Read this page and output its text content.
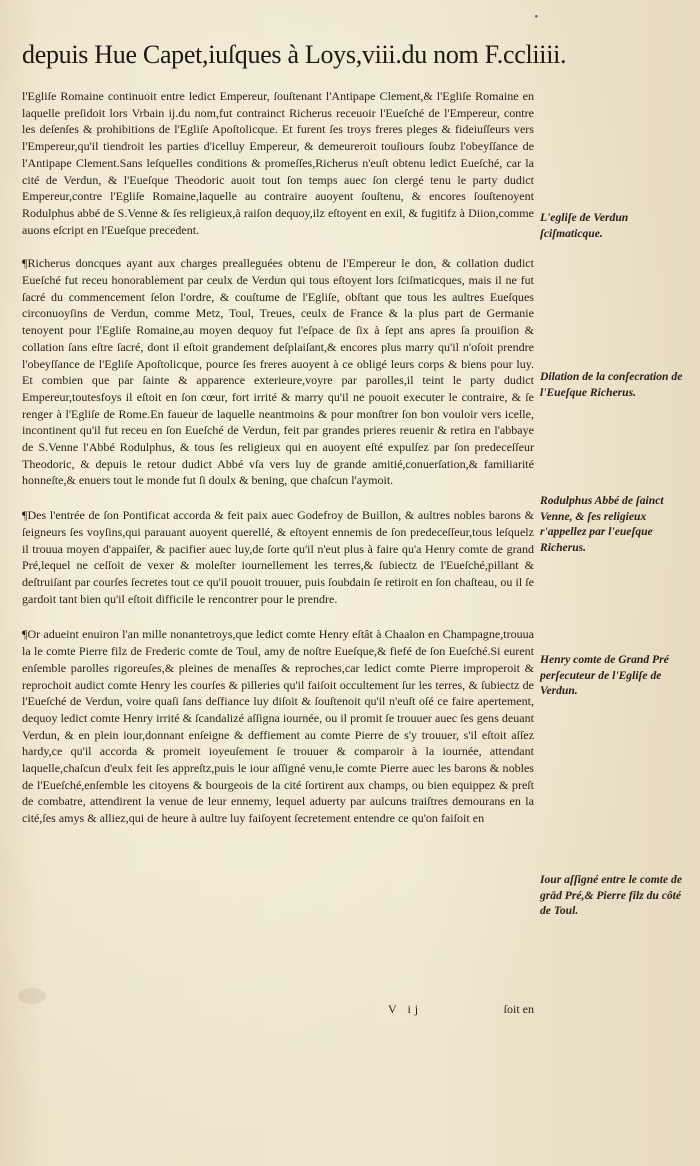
•
depuis Hue Capet,iuſques à Loys,viii.du nom F.ccliiii.

l'Egliſe Romaine continuoit entre ledict Empereur, ſouſtenant l'Antipape Clement,& l'Egliſe Romaine en laquelle preſidoit lors Vrbain ij.du nom,fut contrainct Richerus receuoir l'Eueſché de l'Empereur, contre les deſenſes & prohibitions de l'Egliſe Apoſtolicque. Et furent ſes troys freres pleges & fideiuſſeurs vers l'Empereur,qu'il tiendroit les parties d'icelluy Empereur, & demeureroit touſiours ſoubz l'obeyſſance de l'Antipape Clement.Sans leſquelles conditions & promeſſes,Richerus n'euſt obtenu ledict Eueſché, car la cité de Verdun, & l'Eueſque Theodoric auoit tout ſon temps auec ſon clergé tenu le party dudict Empereur,contre l'Egliſe Romaine,laquelle au contraire auoyent ſouſtenu, & encores ſouſtenoyent Rodulphus abbé de S.Venne & ſes religieux,à raiſon dequoy,ilz eſtoyent en exil, & fugitifz à Diion,comme auons eſcript en l'Eueſque precedent.

¶Richerus doncques ayant aux charges prealleguées obtenu de l'Empereur le don, & collation dudict Eueſché fut receu honorablement par ceulx de Verdun qui tous eſtoyent lors ſciſmaticques, mais il ne fut ſacré du commencement ſelon l'ordre, & couſtume de l'Egliſe, obſtant que tous les aultres Eueſques circonuoyſins de Verdun, comme Metz, Toul, Treues, ceulx de France & la plus part de Germanie tenoyent pour l'Egliſe Romaine,au moyen dequoy fut l'eſpace de ſix à ſept ans apres ſa prouiſion & collation ſans eſtre ſacré, dont il eſtoit grandement deſplaiſant,& encores plus marry qu'il n'oſoit prendre l'obeyſſance de l'Egliſe Apoſtolicque, pource ſes freres auoyent à ce obligé leurs corps & biens pour luy. Et combien que par ſainte & apparence exterieure,voyre par parolles,il teint le party dudict Empereur,toutesfoys il eſtoit en ſon cœur, fort irrité & marry qu'il ne pouoit executer le contraire, & ſe renger à l'Egliſe de Rome.En faueur de laquelle neantmoins & pour monſtrer ſon bon vouloir vers icelle, incontinent qu'il fut receu en ſon Eueſché de Verdun, feit par grandes prieres reuenir & retira en l'abbaye de S.Venne l'Abbé Rodulphus, & tous ſes religieux qui en auoyent eſté expulſez par ſon predeceſſeur Theodoric, & depuis le retour dudict Abbé vſa vers luy de grande amitié,conuerſation,& familiarité honneſte,& enuers tout le monde fut ſi doulx & bening, que chaſcun l'aymoit.

¶Des l'entrée de ſon Pontificat accorda & feit paix auec Godefroy de Buillon, & aultres nobles barons & ſeigneurs ſes voyſins,qui parauant auoyent querellé, & eſtoyent ennemis de ſon predeceſſeur,tous leſquelz il trouua moyen d'appaiſer, & pacifier auec luy,de ſorte qu'il n'eut plus à faire qu'a Henry comte de grand Pré,lequel ne ceſſoit de vexer & moleſter iournellement les terres,& ſubiectz de l'Eueſché,pillant & deſtruiſant par courſes ſecretes tout ce qu'il pouoit trouuer, puis ſoubdain ſe retiroit en ſon chaſteau, ou il ſe gardoit tant bien qu'il eſtoit difficile le rencontrer pour le prendre.

¶Or adueint enuiron l'an mille nonantetroys,que ledict comte Henry eſtât à Chaalon en Champagne,trouua la le comte Pierre filz de Frederic comte de Toul, amy de noſtre Eueſque,& fiefé de ſon Eueſché.Si eurent enſemble parolles rigoreuſes,& pleines de menaſſes & reproches,car ledict comte Pierre improperoit & reprochoit audict comte Henry les courſes & pilleries qu'il faiſoit occultement ſur les terres, & ſubiectz de l'Eueſché de Verdun, voire quaſi ſans deſfiance luy diſoit & ſouſtenoit qu'il n'euſt oſé ce faire apertement, dequoy ledict comte Henry irrité & ſcandalizé aſſigna iournée, ou il promit ſe trouuer auec ſes gens deuant Verdun, & en plein iour,donnant enſeigne & deffiement au comte Pierre de s'y trouuer, s'il eſtoit aſſez hardy,ce qu'il accorda & promeit ioyeuſement ſe trouuer & comparoir à la iournée, attendant laquelle,chaſcun d'eulx feit ſes appreſtz,puis le iour aſſigné venu,le comte Pierre auec les barons & nobles de l'Eueſché,enſemble les citoyens & bourgeois de la cité ſortirent aux champs, ou bien equippez & preſt de combatre, attendirent la venue de leur ennemy, lequel aduerty par aulcuns traiſtres demourans en la cité,ſes amys & alliez,qui de heure à aultre luy faiſoyent ſecretement entendre ce qu'on faiſoit en

L'egliſe de Verdun ſciſmaticque.
Dilation de la conſecration de l'Eueſque Richerus.
Rodulphus Abbé de ſainct Venne, & ſes religieux r'appellez par l'eueſque Richerus.
Henry comte de Grand Pré perſecuteur de l'Egliſe de Verdun.
Iour aſſigné entre le comte de grād Pré,& Pierre filz du côté de Toul.
V ij	ſoit en
